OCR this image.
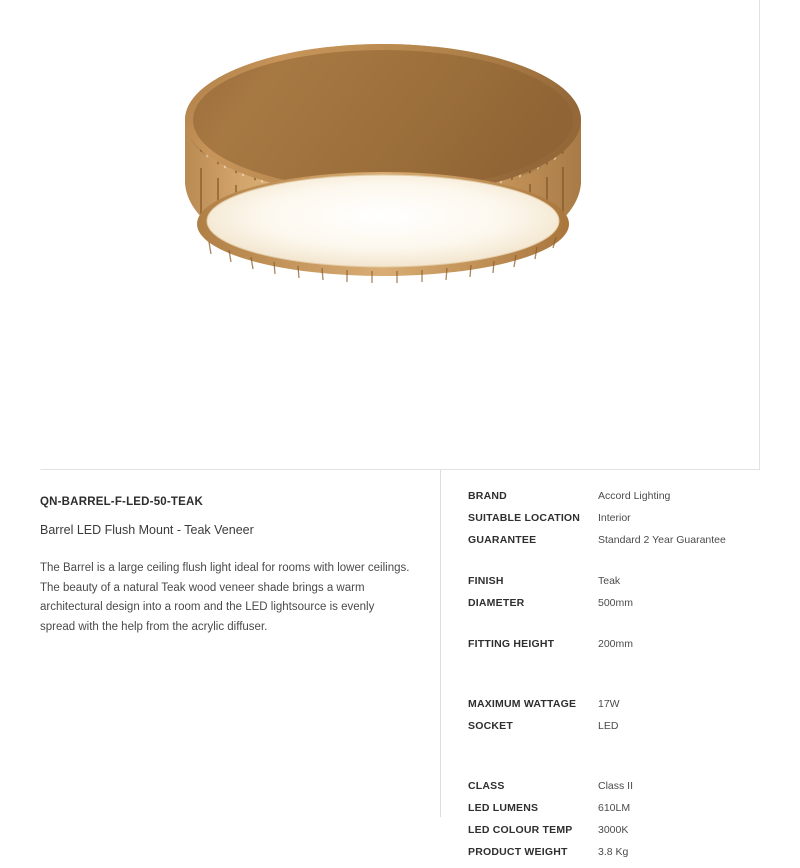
QN-BARREL-F-LED-50-TEAK

Barrel LED Flush Mount - Teak Veneer

The Barrel is a large ceiling flush light ideal for rooms with lower ceilings. The beauty of a natural Teak wood veneer shade brings a warm architectural design into a room and the LED lightsource is evenly spread with the help from the acrylic diffuser.

BRAND	Accord Lighting
SUITABLE LOCATION	Interior
GUARANTEE	Standard 2 Year Guarantee

FINISH	Teak
DIAMETER	500mm

FITTING HEIGHT	200mm

MAXIMUM WATTAGE	17W
SOCKET	LED

CLASS	Class II
LED LUMENS	610LM
LED COLOUR TEMP	3000K
PRODUCT WEIGHT	3.8 Kg
